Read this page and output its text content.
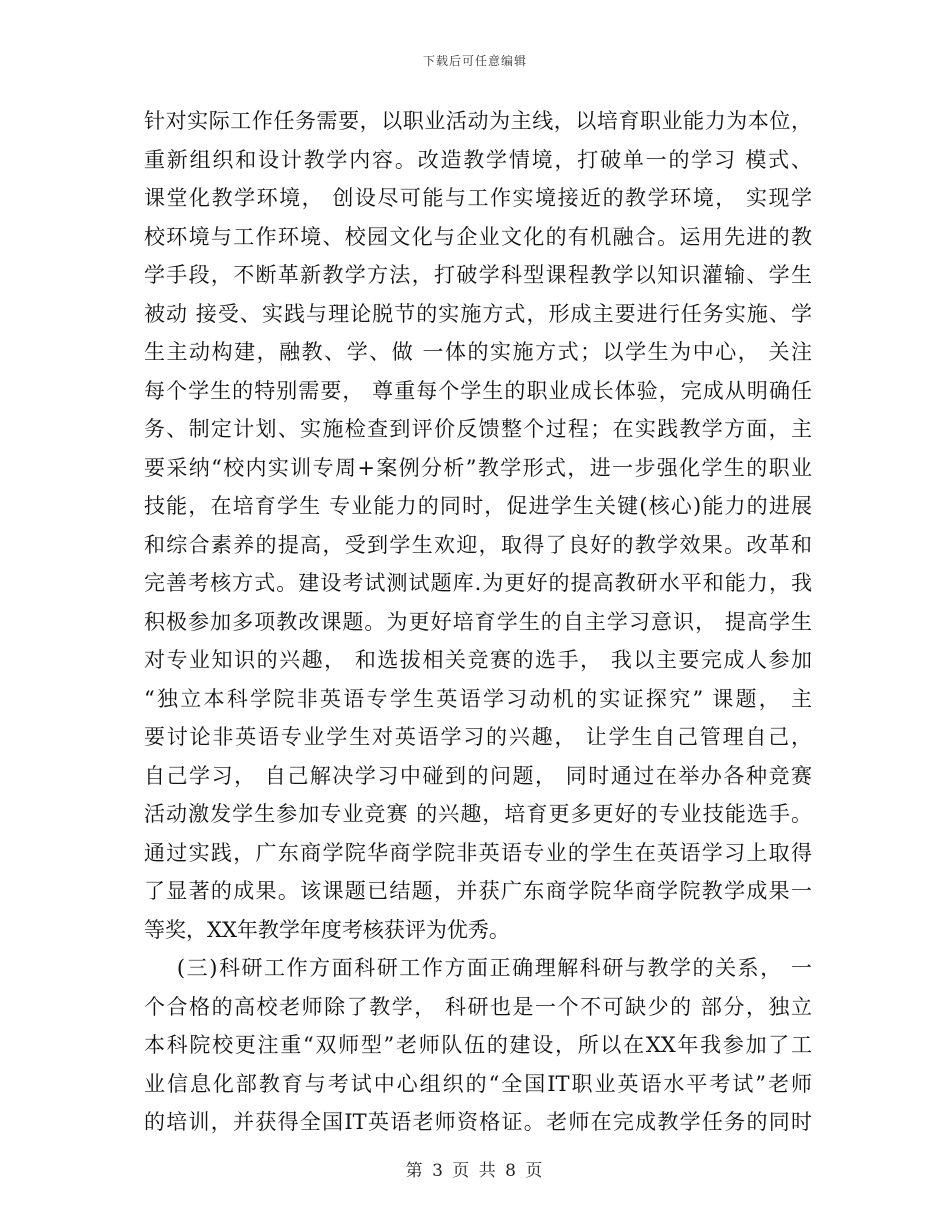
下载后可任意编辑
针对实际工作任务需要，以职业活动为主线，以培育职业能力为本位，
重新组织和设计教学内容。改造教学情境，打破单一的学习 模式、
课堂化教学环境， 创设尽可能与工作实境接近的教学环境， 实现学
校环境与工作环境、校园文化与企业文化的有机融合。运用先进的教
学手段，不断革新教学方法，打破学科型课程教学以知识灌输、学生
被动 接受、实践与理论脱节的实施方式，形成主要进行任务实施、学
生主动构建，融教、学、做 一体的实施方式；以学生为中心， 关注
每个学生的特别需要， 尊重每个学生的职业成长体验，完成从明确任
务、制定计划、实施检查到评价反馈整个过程；在实践教学方面，主
要采纳“校内实训专周+案例分析”教学形式，进一步强化学生的职业
技能，在培育学生 专业能力的同时，促进学生关键(核心)能力的进展
和综合素养的提高，受到学生欢迎，取得了良好的教学效果。改革和
完善考核方式。建设考试测试题库.为更好的提高教研水平和能力，我
积极参加多项教改课题。为更好培育学生的自主学习意识， 提高学生
对专业知识的兴趣， 和选拔相关竞赛的选手， 我以主要完成人参加
“独立本科学院非英语专学生英语学习动机的实证探究” 课题， 主
要讨论非英语专业学生对英语学习的兴趣， 让学生自己管理自己，
自己学习， 自己解决学习中碰到的问题， 同时通过在举办各种竞赛
活动激发学生参加专业竞赛 的兴趣，培育更多更好的专业技能选手。
通过实践，广东商学院华商学院非英语专业的学生在英语学习上取得
了显著的成果。该课题已结题，并获广东商学院华商学院教学成果一
等奖，XX年教学年度考核获评为优秀。
(三)科研工作方面科研工作方面正确理解科研与教学的关系， 一
个合格的高校老师除了教学， 科研也是一个不可缺少的 部分，独立
本科院校更注重“双师型”老师队伍的建设，所以在XX年我参加了工
业信息化部教育与考试中心组织的“全国IT职业英语水平考试”老师
的培训，并获得全国IT英语老师资格证。老师在完成教学任务的同时
第 3 页 共 8 页
